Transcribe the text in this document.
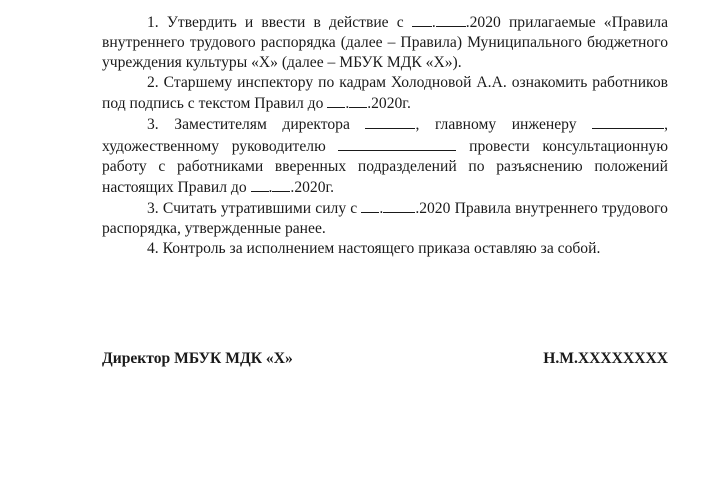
1. Утвердить и ввести в действие с . .2020 прилагаемые «Правила внутреннего трудового распорядка (далее – Правила) Муниципального бюджетного учреждения культуры «Х» (далее – МБУК МДК «Х»).

2. Старшему инспектору по кадрам Холодновой А.А. ознакомить работников под подпись с текстом Правил до . .2020г.

3. Заместителям директора	, главному инженеру	, художественному руководителю	провести консультационную работу с работниками вверенных подразделений по разъяснению положений настоящих Правил до . .2020г.

3. Считать утратившими силу с . .2020 Правила внутреннего трудового распорядка, утвержденные ранее.

4. Контроль за исполнением настоящего приказа оставляю за собой.

Директор МБУК МДК «Х»	Н.М.ХХХХХХХХ
